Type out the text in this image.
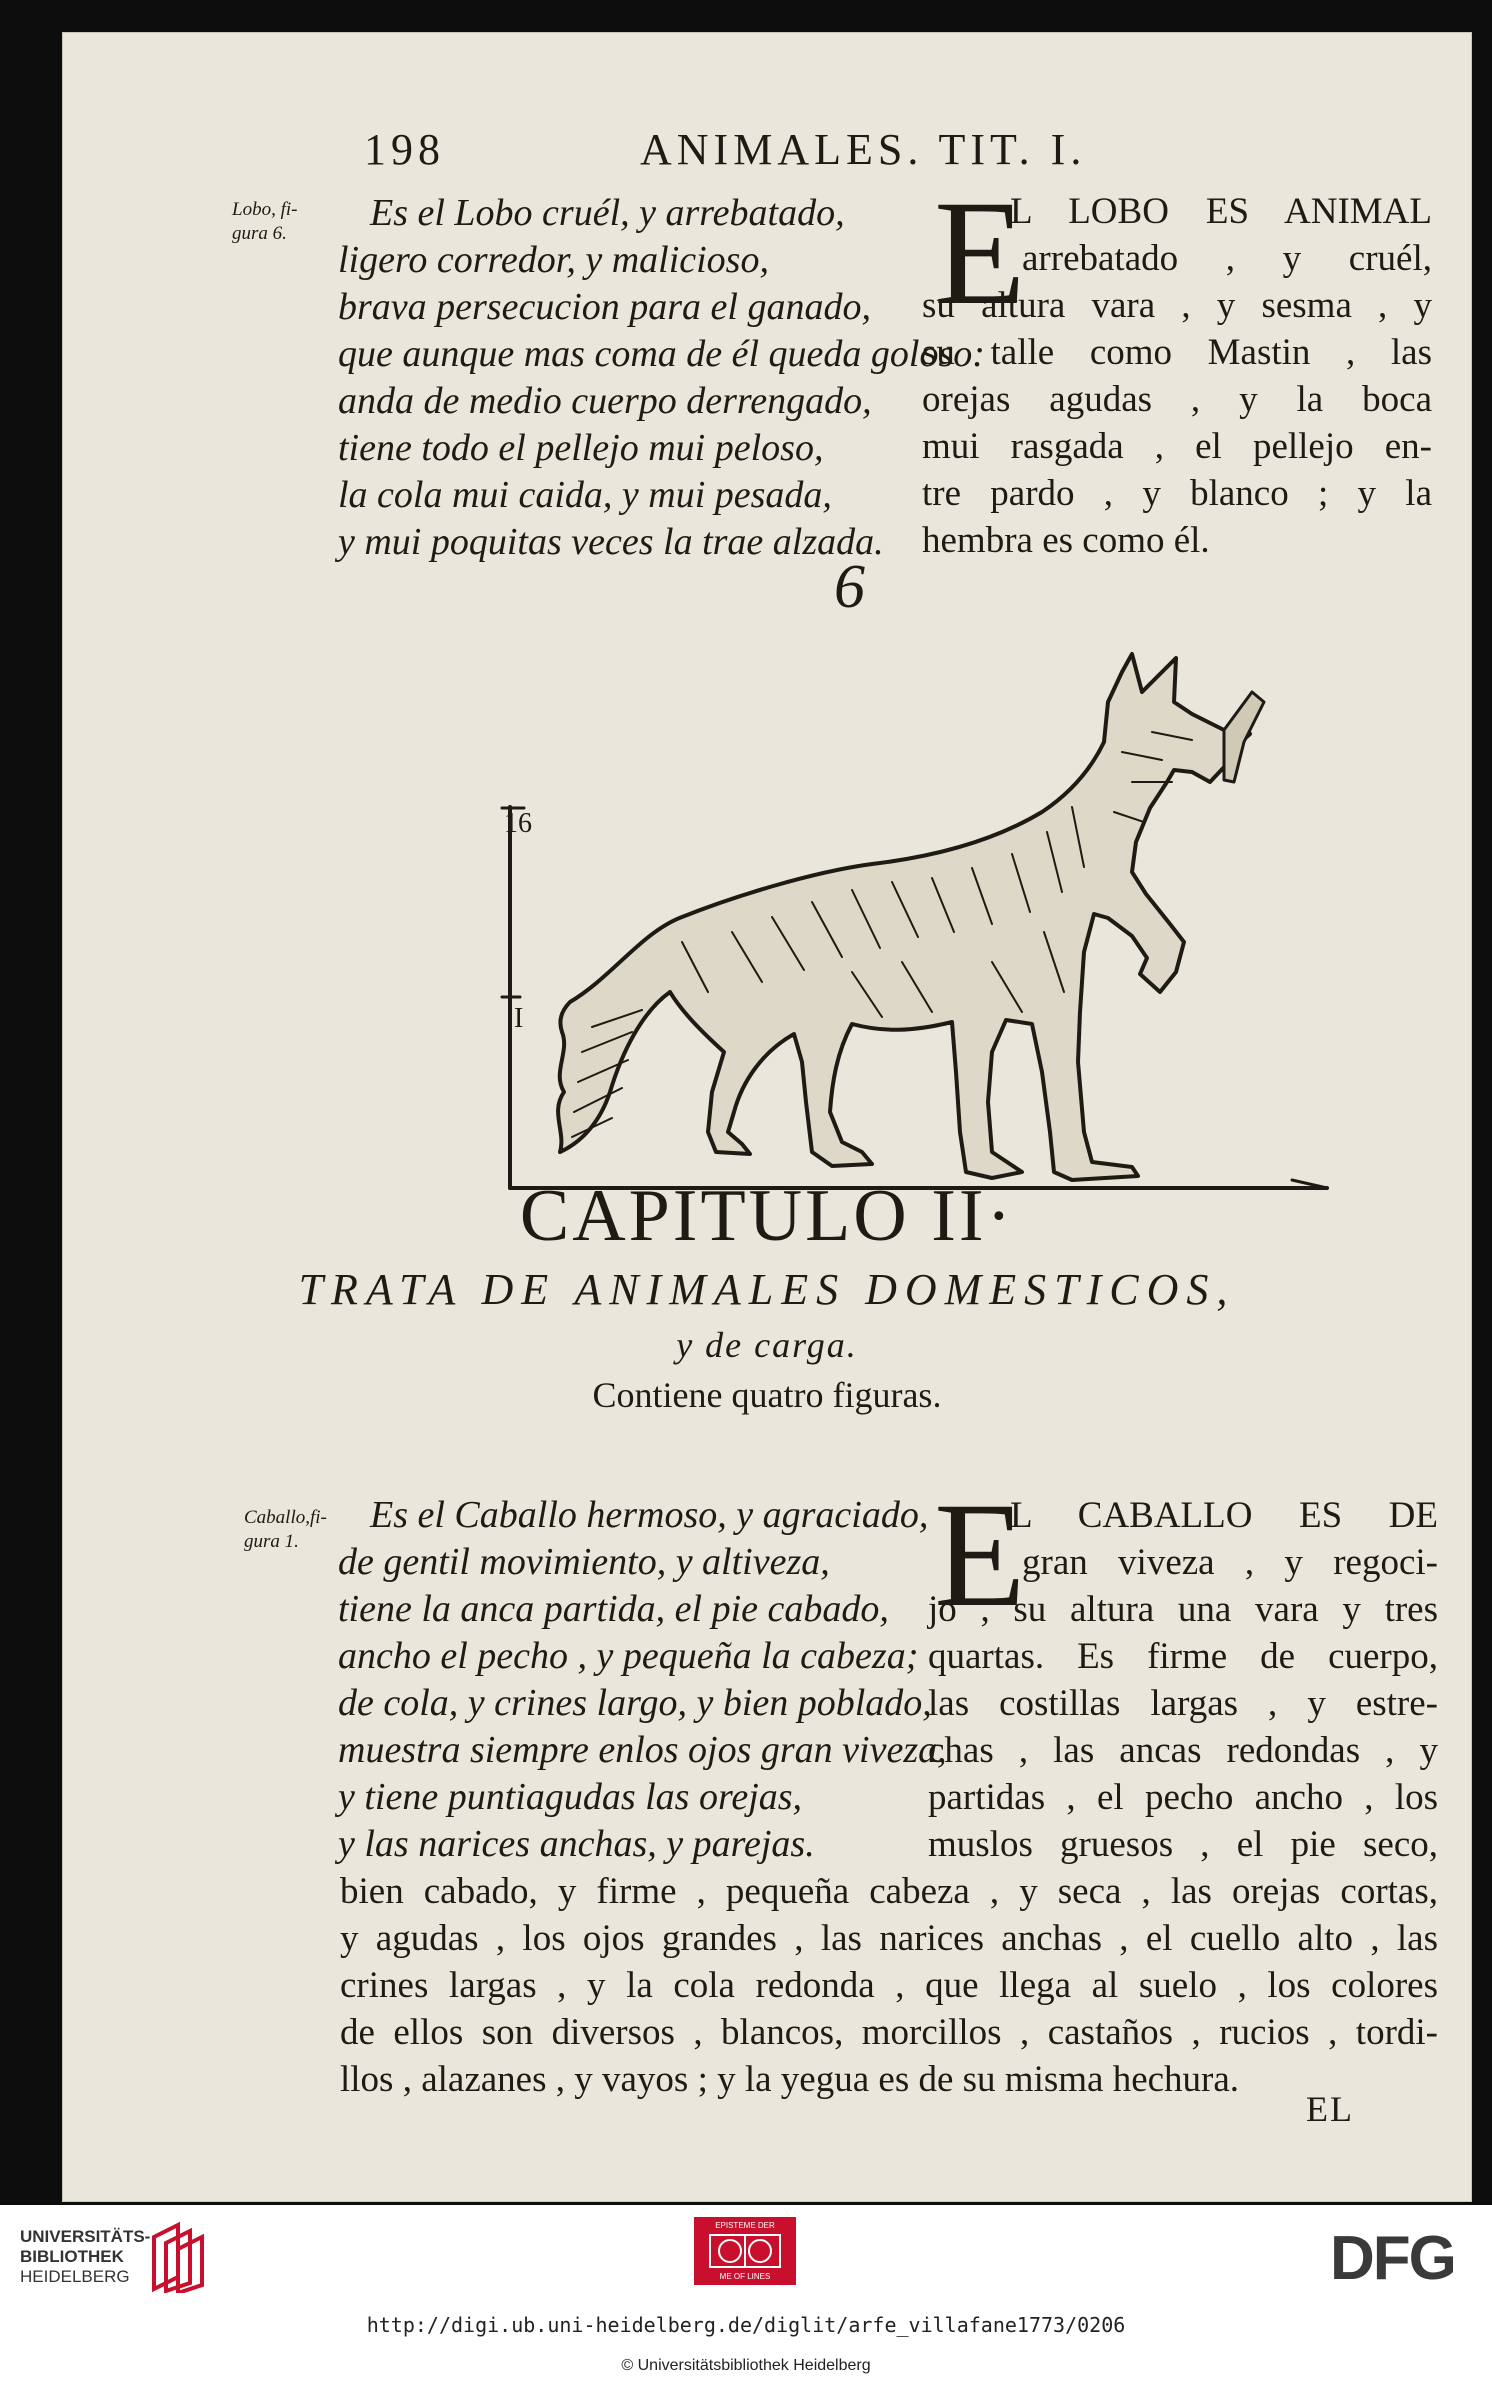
198	ANIMALES. TIT. I.
Lobo, fi-
gura 6.	Es el Lobo cruél, y arrebatado,
ligero corredor, y malicioso,
brava persecucion para el ganado,
que aunque mas coma de él queda goloso:
anda de medio cuerpo derrengado,
tiene todo el pellejo mui peloso,
la cola mui caida, y mui pesada,
y mui poquitas veces la trae alzada.
E
L LOBO ES ANIMAL
arrebatado , y cruél,
su altura vara , y sesma , y
su talle como Mastin , las
orejas agudas , y la boca
mui rasgada , el pellejo en-
tre pardo , y blanco ; y la
hembra es como él.
6
16
I
CAPITULO II·
TRATA DE ANIMALES DOMESTICOS,
y de carga.
Contiene quatro figuras.
Caballo,fi-
gura 1.
Es el Caballo hermoso, y agraciado,
de gentil movimiento, y altiveza,
tiene la anca partida, el pie cabado,
ancho el pecho , y pequeña la cabeza;
de cola, y crines largo, y bien poblado,
muestra siempre enlos ojos gran viveza,
y tiene puntiagudas las orejas,
y las narices anchas, y parejas.
E
L CABALLO ES DE
gran viveza , y regoci-
jo , su altura una vara y tres
quartas. Es firme de cuerpo,
las costillas largas , y estre-
chas , las ancas redondas , y
partidas , el pecho ancho , los
muslos gruesos , el pie seco,
bien cabado, y firme , pequeña cabeza , y seca , las orejas cortas,
y agudas , los ojos grandes , las narices anchas , el cuello alto , las
crines largas , y la cola redonda , que llega al suelo , los colores
de ellos son diversos , blancos, morcillos , castaños , rucios , tordi-
llos , alazanes , y vayos ; y la yegua es de su misma hechura.
EL
UNIVERSITÄTS-
BIBLIOTHEK
HEIDELBERG
EPISTEME DER
ME OF LINES	DFG
http://digi.ub.uni-heidelberg.de/diglit/arfe_villafane1773/0206
© Universitätsbibliothek Heidelberg
